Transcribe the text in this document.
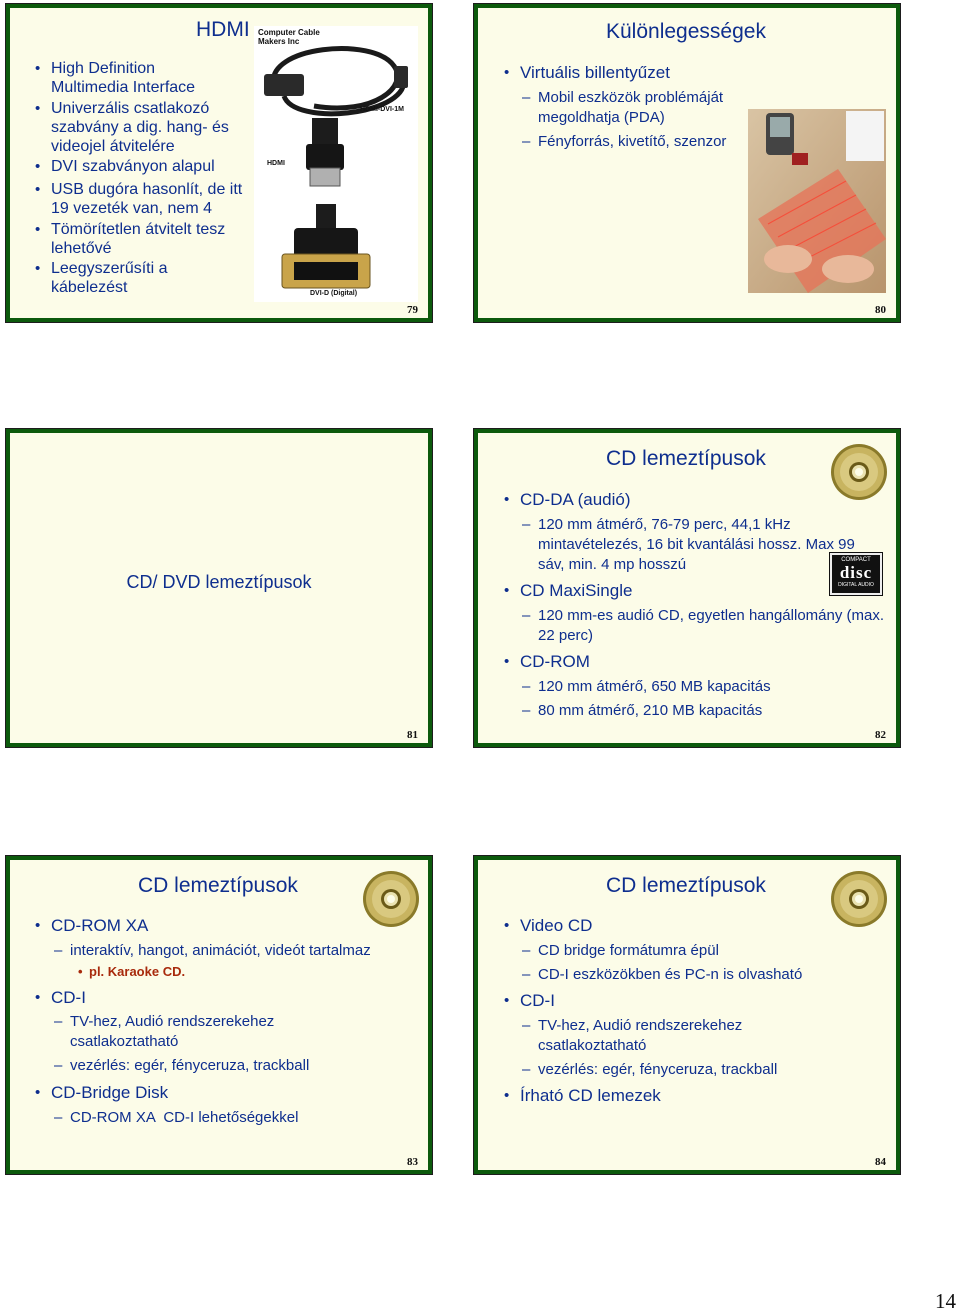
HDMI
• High Definition Multimedia Interface
• Univerzális csatlakozó szabvány a dig. hang- és videojel átvitelére
• DVI szabványon alapul
• USB dugóra hasonlít, de itt 19 vezeték van, nem 4
• Tömörítetlen átvitelt tesz lehetővé
• Leegyszerűsíti a kábelezést
Computer Cable Makers Inc
HDMI-DVI-1M
HDMI
DVI-D (Digital)
79
Különlegességek
• Virtuális billentyűzet
– Mobil eszközök problémáját megoldhatja (PDA)
– Fényforrás, kivetítő, szenzor
80
CD/ DVD lemeztípusok
81
CD lemeztípusok
• CD-DA (audió)
– 120 mm átmérő, 76-79 perc, 44,1 kHz mintavételezés, 16 bit kvantálási hossz. Max 99 sáv, min. 4 mp hosszú
• CD MaxiSingle
– 120 mm-es audió CD, egyetlen hangállomány (max. 22 perc)
• CD-ROM
– 120 mm átmérő, 650 MB kapacitás
– 80 mm átmérő, 210 MB kapacitás
COMPACT
disc
DIGITAL AUDIO
82
CD lemeztípusok
• CD-ROM XA
– interaktív, hangot, animációt, videót tartalmaz
• pl. Karaoke CD.
• CD-I
– TV-hez, Audió rendszerekehez csatlakoztatható
– vezérlés: egér, fényceruza, trackball
• CD-Bridge Disk
– CD-ROM XA  CD-I lehetőségekkel
83
CD lemeztípusok
• Video CD
– CD bridge formátumra épül
– CD-I eszközökben és PC-n is olvasható
• CD-I
– TV-hez, Audió rendszerekehez csatlakoztatható
– vezérlés: egér, fényceruza, trackball
• Írható CD lemezek
84
14
